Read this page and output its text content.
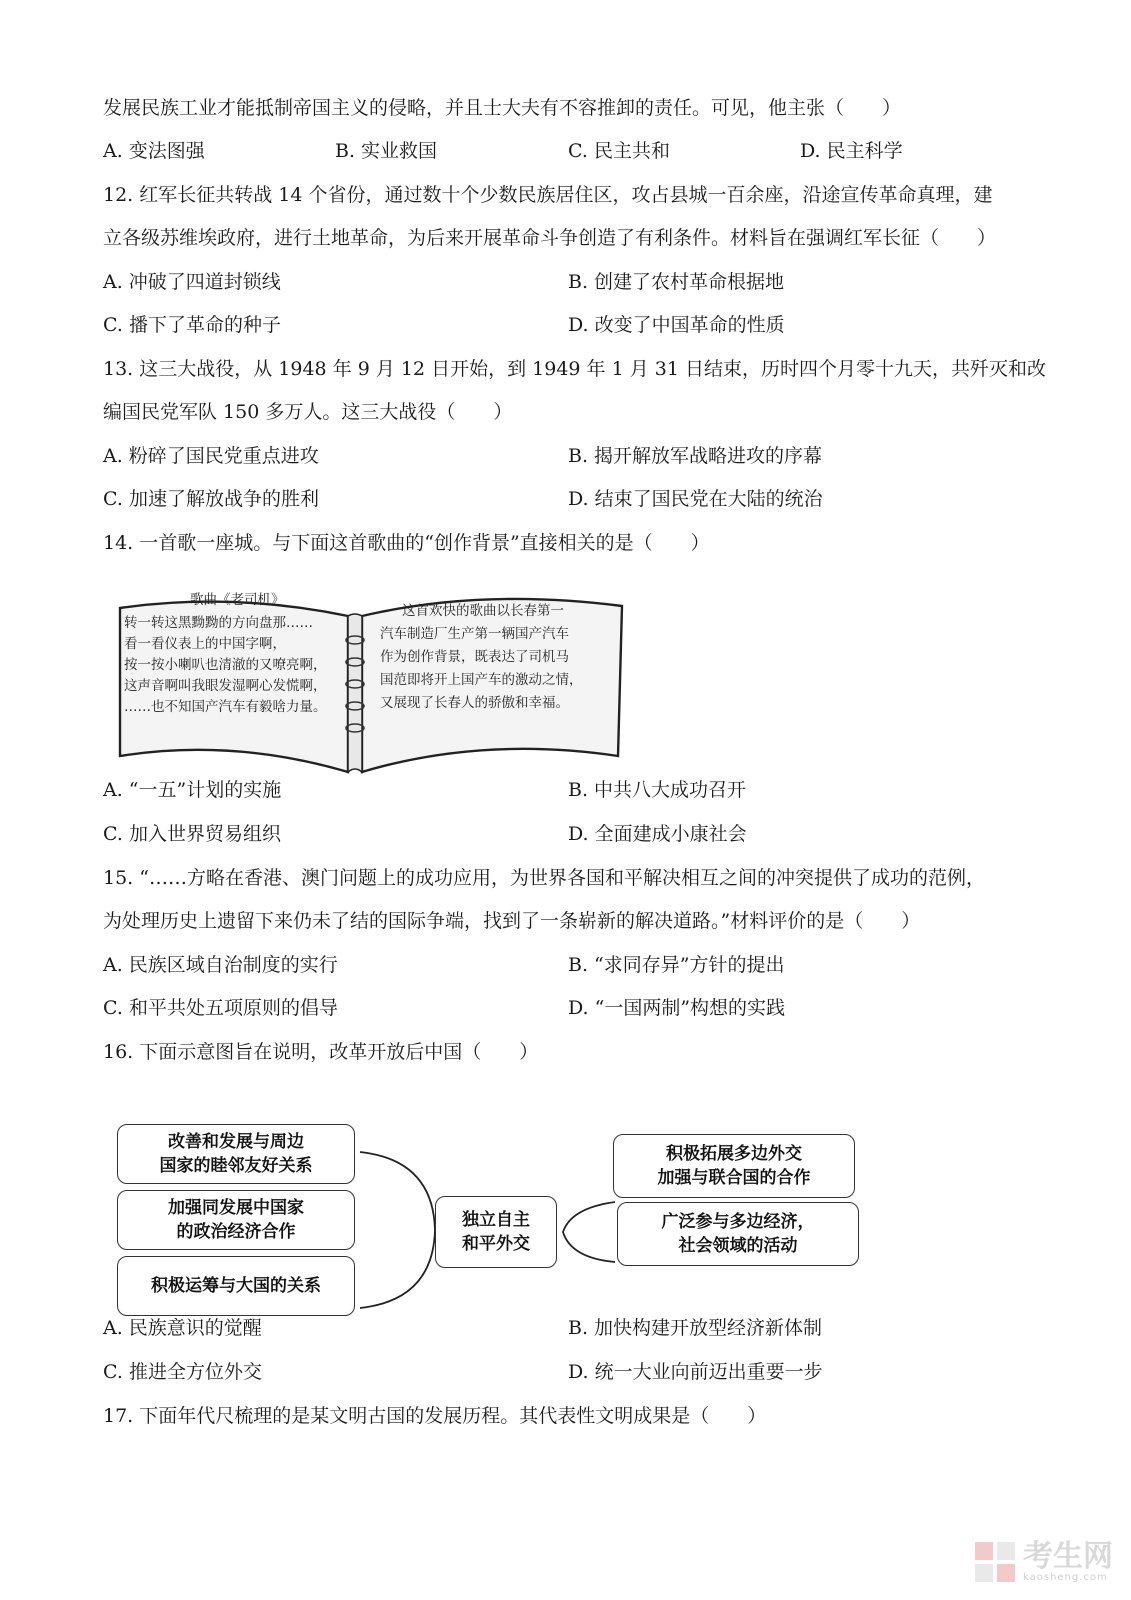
发展民族工业才能抵制帝国主义的侵略，并且士大夫有不容推卸的责任。可见，他主张（　　）
A. 变法图强	B. 实业救国	C. 民主共和	D. 民主科学
12. 红军长征共转战 14 个省份，通过数十个少数民族居住区，攻占县城一百余座，沿途宣传革命真理，建
立各级苏维埃政府，进行土地革命，为后来开展革命斗争创造了有利条件。材料旨在强调红军长征（　　）
A. 冲破了四道封锁线	B. 创建了农村革命根据地
C. 播下了革命的种子	D. 改变了中国革命的性质
13. 这三大战役，从 1948 年 9 月 12 日开始，到 1949 年 1 月 31 日结束，历时四个月零十九天，共歼灭和改
编国民党军队 150 多万人。这三大战役（　　）
A. 粉碎了国民党重点进攻	B. 揭开解放军战略进攻的序幕
C. 加速了解放战争的胜利	D. 结束了国民党在大陆的统治
14. 一首歌一座城。与下面这首歌曲的“创作背景”直接相关的是（　　）
歌曲《老司机》
转一转这黑黝黝的方向盘那……
看一看仪表上的中国字啊，
按一按小喇叭也清澈的又嘹亮啊，
这声音啊叫我眼发湿啊心发慌啊，
……也不知国产汽车有毅啥力量。
这首欢快的歌曲以长春第一
汽车制造厂生产第一辆国产汽车
作为创作背景，既表达了司机马
国范即将开上国产车的激动之情，
又展现了长春人的骄傲和幸福。
A. “一五”计划的实施	B. 中共八大成功召开
C. 加入世界贸易组织	D. 全面建成小康社会
15. “……方略在香港、澳门问题上的成功应用，为世界各国和平解决相互之间的冲突提供了成功的范例，
为处理历史上遗留下来仍未了结的国际争端，找到了一条崭新的解决道路。”材料评价的是（　　）
A. 民族区域自治制度的实行	B. “求同存异”方针的提出
C. 和平共处五项原则的倡导	D. “一国两制”构想的实践
16. 下面示意图旨在说明，改革开放后中国（　　）
改善和发展与周边
国家的睦邻友好关系
加强同发展中国家
的政治经济合作
积极运筹与大国的关系
独立自主
和平外交
积极拓展多边外交
加强与联合国的合作
广泛参与多边经济，
社会领域的活动
A. 民族意识的觉醒	B. 加快构建开放型经济新体制
C. 推进全方位外交	D. 统一大业向前迈出重要一步
17. 下面年代尺梳理的是某文明古国的发展历程。其代表性文明成果是（　　）
考生网
kaosheng.com
